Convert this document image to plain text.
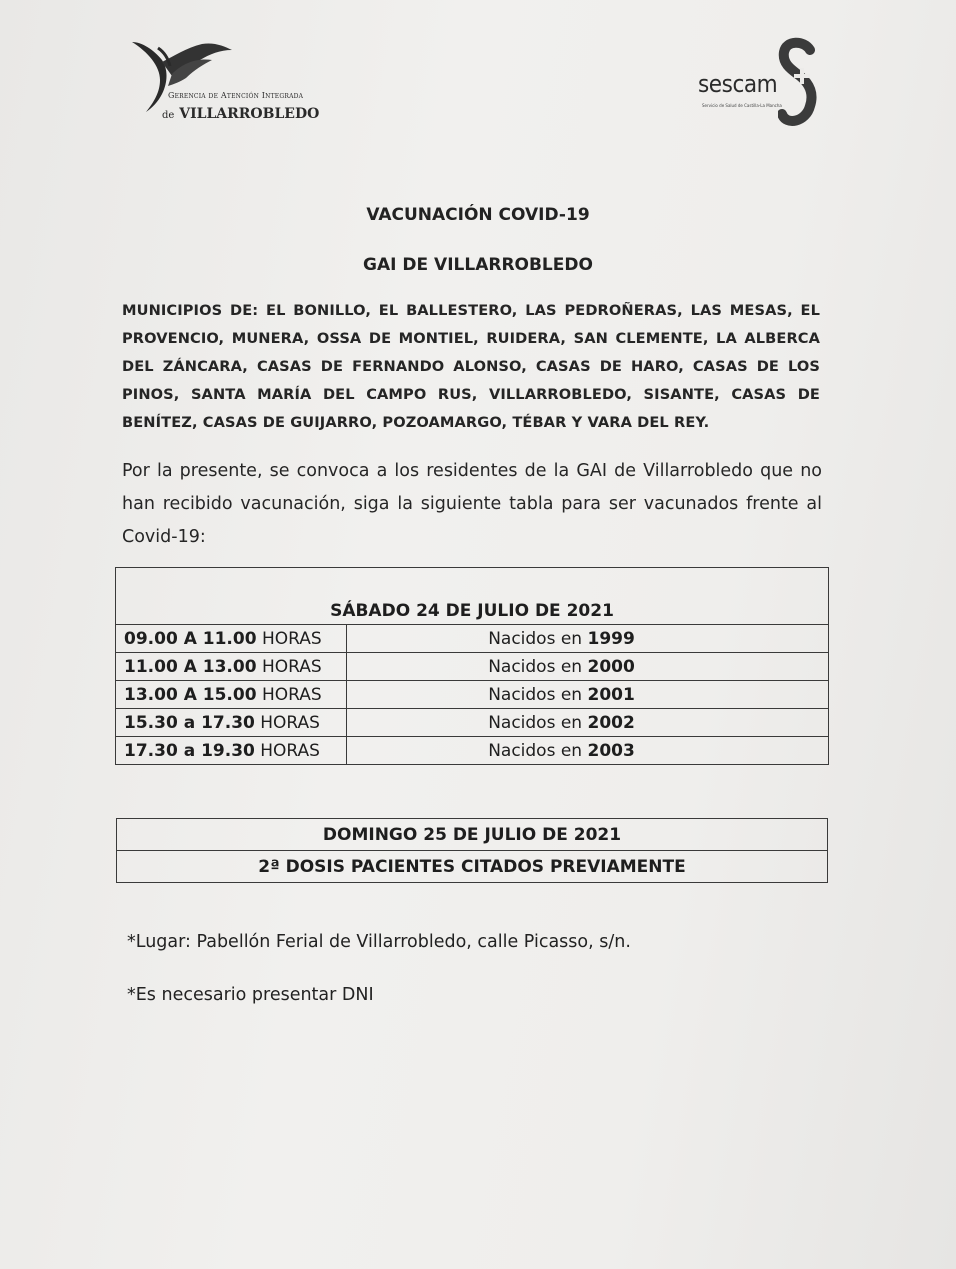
Gerencia de Atención Integrada
de VILLARROBLEDO
sescam
Servicio de Salud de Castilla-La Mancha
VACUNACIÓN COVID-19
GAI DE VILLARROBLEDO
MUNICIPIOS DE: EL BONILLO, EL BALLESTERO, LAS PEDROÑERAS, LAS MESAS, EL PROVENCIO, MUNERA, OSSA DE MONTIEL, RUIDERA, SAN CLEMENTE, LA ALBERCA DEL ZÁNCARA, CASAS DE FERNANDO ALONSO, CASAS DE HARO, CASAS DE LOS PINOS, SANTA MARÍA DEL CAMPO RUS, VILLARROBLEDO, SISANTE, CASAS DE BENÍTEZ, CASAS DE GUIJARRO, POZOAMARGO, TÉBAR Y VARA DEL REY.
Por la presente, se convoca a los residentes de la GAI de Villarrobledo que no han recibido vacunación, siga la siguiente tabla para ser vacunados frente al Covid-19:

SÁBADO 24 DE JULIO DE 2021	
09.00 A 11.00 HORAS	Nacidos en 1999
11.00 A 13.00 HORAS	Nacidos en 2000
13.00 A 15.00 HORAS	Nacidos en 2001
15.30 a 17.30 HORAS	Nacidos en 2002
17.30 a 19.30 HORAS	Nacidos en 2003
DOMINGO 25 DE JULIO DE 2021
2ª DOSIS PACIENTES CITADOS PREVIAMENTE
*Lugar: Pabellón Ferial de Villarrobledo, calle Picasso, s/n.
*Es necesario presentar DNI
